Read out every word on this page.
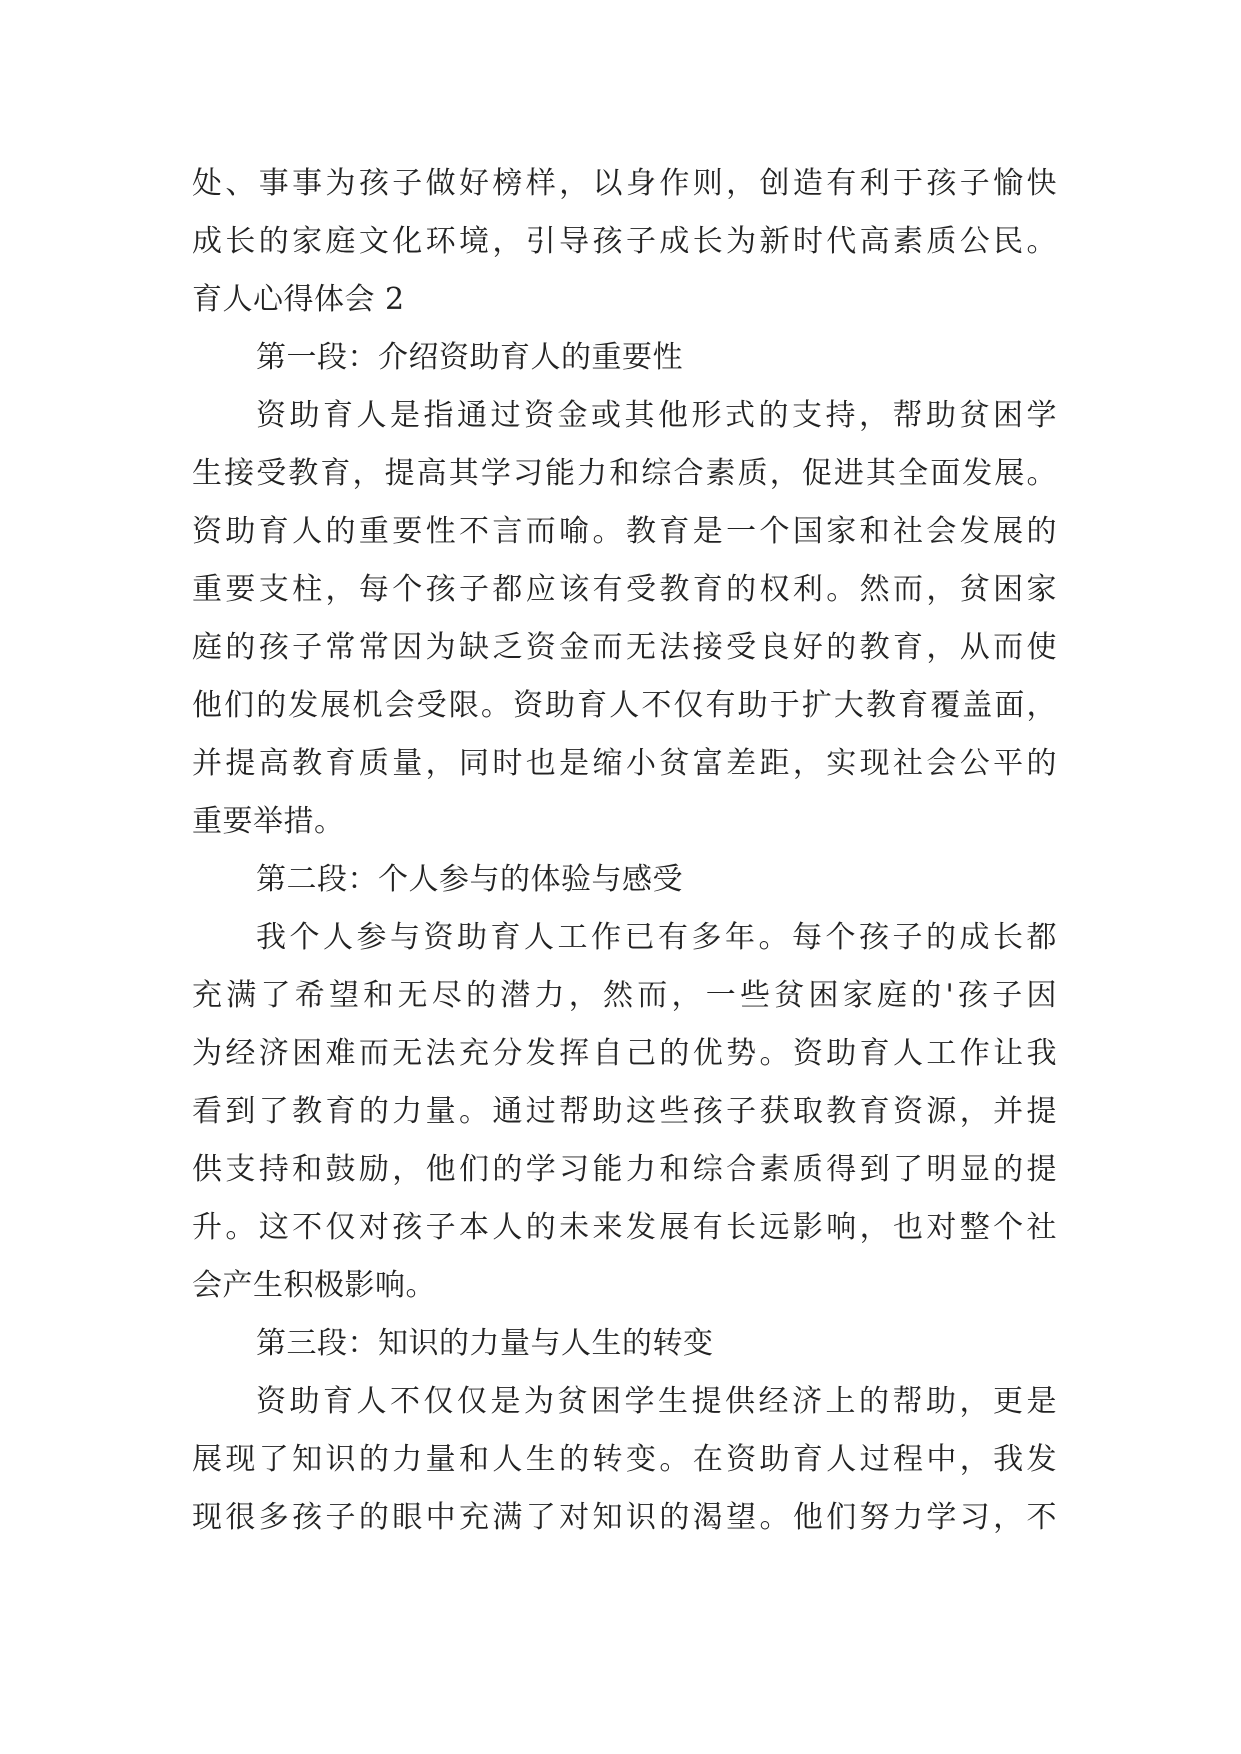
处、事事为孩子做好榜样，以身作则，创造有利于孩子愉快
成长的家庭文化环境，引导孩子成长为新时代高素质公民。
育人心得体会 2
第一段：介绍资助育人的重要性
资助育人是指通过资金或其他形式的支持，帮助贫困学
生接受教育，提高其学习能力和综合素质，促进其全面发展。
资助育人的重要性不言而喻。教育是一个国家和社会发展的
重要支柱，每个孩子都应该有受教育的权利。然而，贫困家
庭的孩子常常因为缺乏资金而无法接受良好的教育，从而使
他们的发展机会受限。资助育人不仅有助于扩大教育覆盖面，
并提高教育质量，同时也是缩小贫富差距，实现社会公平的
重要举措。
第二段：个人参与的体验与感受
我个人参与资助育人工作已有多年。每个孩子的成长都
充满了希望和无尽的潜力，然而，一些贫困家庭的'孩子因
为经济困难而无法充分发挥自己的优势。资助育人工作让我
看到了教育的力量。通过帮助这些孩子获取教育资源，并提
供支持和鼓励，他们的学习能力和综合素质得到了明显的提
升。这不仅对孩子本人的未来发展有长远影响，也对整个社
会产生积极影响。
第三段：知识的力量与人生的转变
资助育人不仅仅是为贫困学生提供经济上的帮助，更是
展现了知识的力量和人生的转变。在资助育人过程中，我发
现很多孩子的眼中充满了对知识的渴望。他们努力学习，不
